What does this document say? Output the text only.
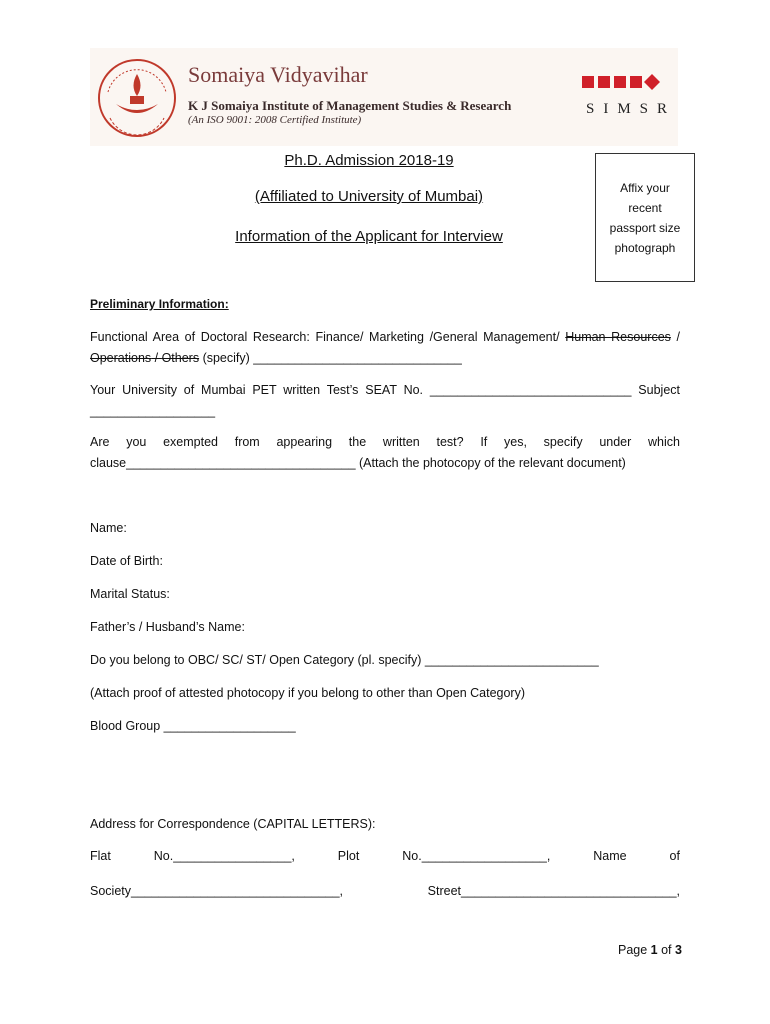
Somaiya Vidyavihar
K J Somaiya Institute of Management Studies & Research
(An ISO 9001: 2008 Certified Institute)
SIMSR
Ph.D. Admission 2018-19
(Affiliated to University of Mumbai)
Information of the Applicant for Interview
Affix your
recent
passport size
photograph
Preliminary Information:
Functional Area of Doctoral Research: Finance/ Marketing /General Management/ Human Resources /
Operations / Others (specify) ______________________________
Your University of Mumbai PET written Test’s SEAT No. _____________________________ Subject
__________________
Are you exempted from appearing the written test? If yes, specify under which
clause_________________________________ (Attach the photocopy of the relevant document)
Name:
Date of Birth:
Marital Status:
Father’s / Husband’s Name:
Do you belong to OBC/ SC/ ST/ Open Category (pl. specify) _________________________
(Attach proof of attested photocopy if you belong to other than Open Category)
Blood Group ___________________
Address for Correspondence (CAPITAL LETTERS):
Flat	No._________________,	Plot	No.__________________,	Name	of
Society______________________________,	Street_______________________________,
Page 1 of 3
